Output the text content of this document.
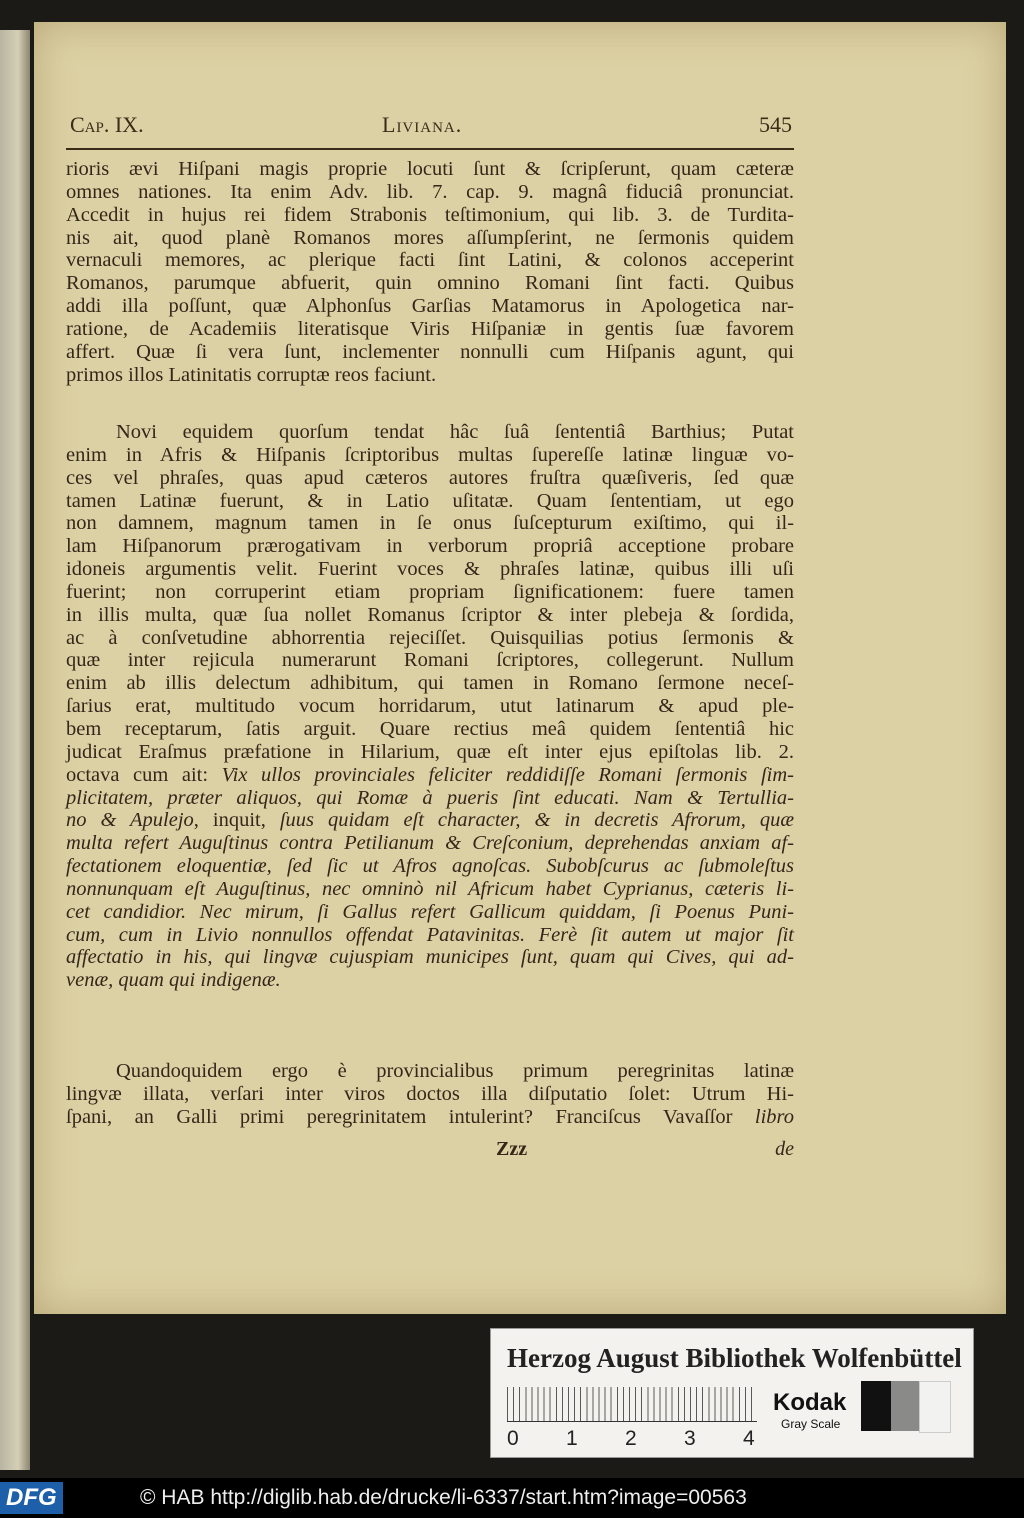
Cap. IX.	Liviana.	545
rioris ævi Hiſpani magis proprie locuti ſunt & ſcripſerunt, quam cæteræ
omnes nationes. Ita enim Adv. lib. 7. cap. 9. magnâ fiduciâ pronunciat.
Accedit in hujus rei fidem Strabonis teſtimonium, qui lib. 3. de Turdita-
nis ait, quod planè Romanos mores aſſumpſerint, ne ſermonis quidem
vernaculi memores, ac plerique facti ſint Latini, & colonos acceperint
Romanos, parumque abfuerit, quin omnino Romani ſint facti. Quibus
addi illa poſſunt, quæ Alphonſus Garſias Matamorus in Apologetica nar-
ratione, de Academiis literatisque Viris Hiſpaniæ in gentis ſuæ favorem
affert. Quæ ſi vera ſunt, inclementer nonnulli cum Hiſpanis agunt, qui
primos illos Latinitatis corruptæ reos faciunt.
Novi equidem quorſum tendat hâc ſuâ ſententiâ Barthius; Putat
enim in Afris & Hiſpanis ſcriptoribus multas ſupereſſe latinæ linguæ vo-
ces vel phraſes, quas apud cæteros autores fruſtra quæſiveris, ſed quæ
tamen Latinæ fuerunt, & in Latio uſitatæ. Quam ſententiam, ut ego
non damnem, magnum tamen in ſe onus ſuſcepturum exiſtimo, qui il-
lam Hiſpanorum prærogativam in verborum propriâ acceptione probare
idoneis argumentis velit. Fuerint voces & phraſes latinæ, quibus illi uſi
fuerint; non corruperint etiam propriam ſignificationem: fuere tamen
in illis multa, quæ ſua nollet Romanus ſcriptor & inter plebeja & ſordida,
ac à conſvetudine abhorrentia rejeciſſet. Quisquilias potius ſermonis &
quæ inter rejicula numerarunt Romani ſcriptores, collegerunt. Nullum
enim ab illis delectum adhibitum, qui tamen in Romano ſermone neceſ-
ſarius erat, multitudo vocum horridarum, utut latinarum & apud ple-
bem receptarum, ſatis arguit. Quare rectius meâ quidem ſententiâ hic
judicat Eraſmus præfatione in Hilarium, quæ eſt inter ejus epiſtolas lib. 2.
octava cum ait: Vix ullos provinciales feliciter reddidiſſe Romani ſermonis ſim-
plicitatem, præter aliquos, qui Romæ à pueris ſint educati. Nam & Tertullia-
no & Apulejo, inquit, ſuus quidam eſt character, & in decretis Afrorum, quæ
multa refert Auguſtinus contra Petilianum & Creſconium, deprehendas anxiam af-
fectationem eloquentiæ, ſed ſic ut Afros agnoſcas. Subobſcurus ac ſubmoleſtus
nonnunquam eſt Auguſtinus, nec omninò nil Africum habet Cyprianus, cæteris li-
cet candidior. Nec mirum, ſi Gallus refert Gallicum quiddam, ſi Poenus Puni-
cum, cum in Livio nonnullos offendat Patavinitas. Ferè ſit autem ut major ſit
affectatio in his, qui lingvæ cujuspiam municipes ſunt, quam qui Cives, qui ad-
venæ, quam qui indigenæ.
Quandoquidem ergo è provincialibus primum peregrinitas latinæ
lingvæ illata, verſari inter viros doctos illa diſputatio ſolet: Utrum Hi-
ſpani, an Galli primi peregrinitatem intulerint? Franciſcus Vavaſſor libro
Zzz	de
Herzog August Bibliothek Wolfenbüttel
0 1 2 3 4
Kodak
Gray Scale
DFG	© HAB http://diglib.hab.de/drucke/li-6337/start.htm?image=00563
